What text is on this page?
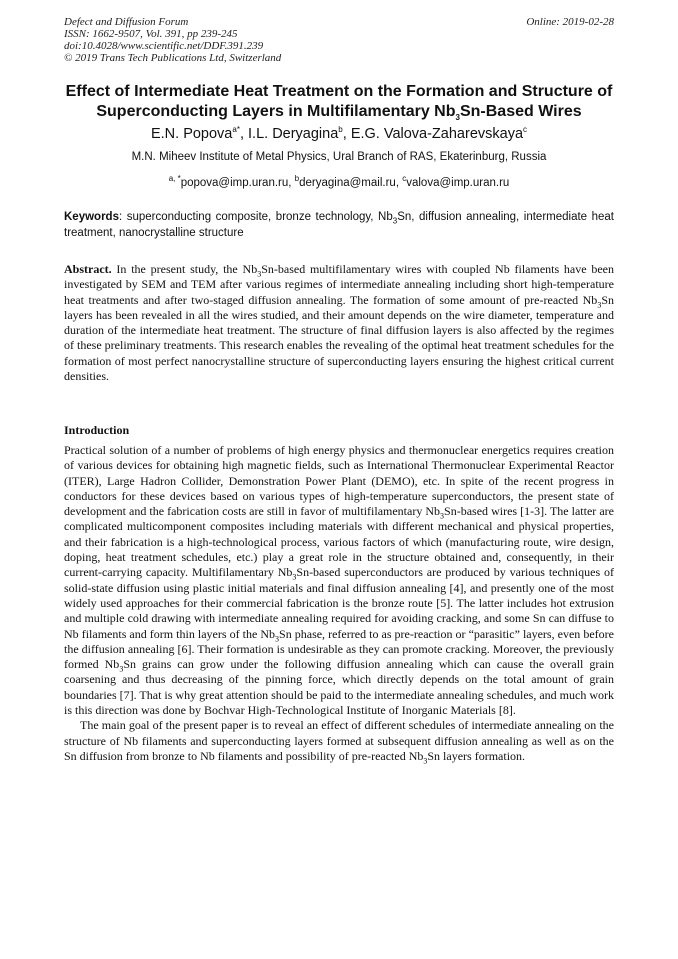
Defect and Diffusion Forum
ISSN: 1662-9507, Vol. 391, pp 239-245
doi:10.4028/www.scientific.net/DDF.391.239
© 2019 Trans Tech Publications Ltd, Switzerland
Online: 2019-02-28
Effect of Intermediate Heat Treatment on the Formation and Structure of
Superconducting Layers in Multifilamentary $Nb_3Sn$-Based Wires
E.N. Popova$^{a*}$, I.L. Deryagina$^b$, E.G. Valova-Zaharevskaya$^c$
M.N. Miheev Institute of Metal Physics, Ural Branch of RAS, Ekaterinburg, Russia
$^{a, *}$popova@imp.uran.ru, $^b$deryagina@mail.ru, $^c$valova@imp.uran.ru
Keywords: superconducting composite, bronze technology, $Nb_3Sn$, diffusion annealing, intermediate heat treatment, nanocrystalline structure
Abstract. In the present study, the $Nb_3Sn$-based multifilamentary wires with coupled Nb filaments have been investigated by SEM and TEM after various regimes of intermediate annealing including short high-temperature heat treatments and after two-staged diffusion annealing. The formation of some amount of pre-reacted $Nb_3Sn$ layers has been revealed in all the wires studied, and their amount depends on the wire diameter, temperature and duration of the intermediate heat treatment. The structure of final diffusion layers is also affected by the regimes of these preliminary treatments. This research enables the revealing of the optimal heat treatment schedules for the formation of most perfect nanocrystalline structure of superconducting layers ensuring the highest critical current densities.
Introduction

Practical solution of a number of problems of high energy physics and thermonuclear energetics requires creation of various devices for obtaining high magnetic fields, such as International Thermonuclear Experimental Reactor (ITER), Large Hadron Collider, Demonstration Power Plant (DEMO), etc. In spite of the recent progress in conductors for these devices based on various types of high-temperature superconductors, the present state of development and the fabrication costs are still in favor of multifilamentary $Nb_3Sn$-based wires [1-3]. The latter are complicated multicomponent composites including materials with different mechanical and physical properties, and their fabrication is a high-technological process, various factors of which (manufacturing route, wire design, doping, heat treatment schedules, etc.) play a great role in the structure obtained and, consequently, in their current-carrying capacity. Multifilamentary $Nb_3Sn$-based superconductors are produced by various techniques of solid-state diffusion using plastic initial materials and final diffusion annealing [4], and presently one of the most widely used approaches for their commercial fabrication is the bronze route [5]. The latter includes hot extrusion and multiple cold drawing with intermediate annealing required for avoiding cracking, and some Sn can diffuse to Nb filaments and form thin layers of the $Nb_3Sn$ phase, referred to as pre-reaction or “parasitic” layers, even before the diffusion annealing [6]. Their formation is undesirable as they can promote cracking. Moreover, the previously formed $Nb_3Sn$ grains can grow under the following diffusion annealing which can cause the overall grain coarsening and thus decreasing of the pinning force, which directly depends on the total amount of grain boundaries [7]. That is why great attention should be paid to the intermediate annealing schedules, and much work is this direction was done by Bochvar High-Technological Institute of Inorganic Materials [8].

The main goal of the present paper is to reveal an effect of different schedules of intermediate annealing on the structure of Nb filaments and superconducting layers formed at subsequent diffusion annealing as well as on the Sn diffusion from bronze to Nb filaments and possibility of pre-reacted $Nb_3Sn$ layers formation.
